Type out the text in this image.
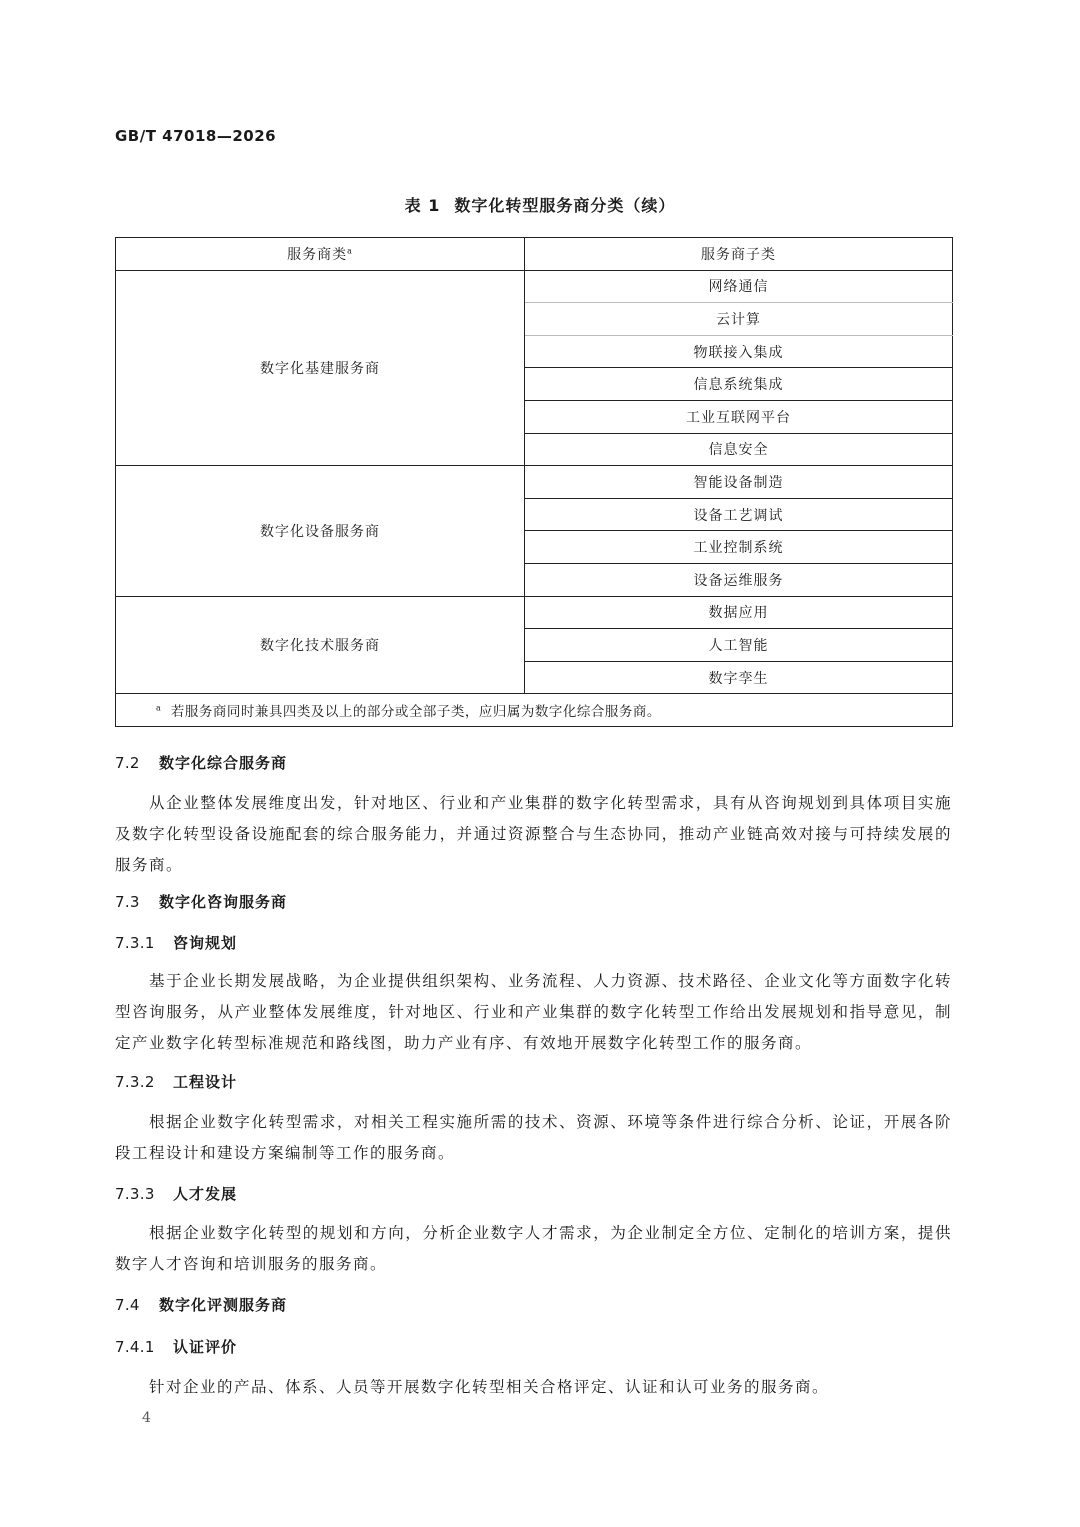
GB/T 47018—2026
表 1 数字化转型服务商分类（续）
服务商类$^a$	服务商子类
数字化基建服务商	网络通信
	云计算
	物联接入集成
	信息系统集成
	工业互联网平台
	信息安全
数字化设备服务商	智能设备制造
	设备工艺调试
	工业控制系统
	设备运维服务
数字化技术服务商	数据应用
	人工智能
	数字孪生
$^a$ 若服务商同时兼具四类及以上的部分或全部子类，应归属为数字化综合服务商。	
7.2 数字化综合服务商

从企业整体发展维度出发，针对地区、行业和产业集群的数字化转型需求，具有从咨询规划到具体项目实施及数字化转型设备设施配套的综合服务能力，并通过资源整合与生态协同，推动产业链高效对接与可持续发展的服务商。

7.3 数字化咨询服务商
7.3.1 咨询规划

基于企业长期发展战略，为企业提供组织架构、业务流程、人力资源、技术路径、企业文化等方面数字化转型咨询服务，从产业整体发展维度，针对地区、行业和产业集群的数字化转型工作给出发展规划和指导意见，制定产业数字化转型标准规范和路线图，助力产业有序、有效地开展数字化转型工作的服务商。

7.3.2 工程设计

根据企业数字化转型需求，对相关工程实施所需的技术、资源、环境等条件进行综合分析、论证，开展各阶段工程设计和建设方案编制等工作的服务商。

7.3.3 人才发展

根据企业数字化转型的规划和方向，分析企业数字人才需求，为企业制定全方位、定制化的培训方案，提供数字人才咨询和培训服务的服务商。

7.4 数字化评测服务商
7.4.1 认证评价

针对企业的产品、体系、人员等开展数字化转型相关合格评定、认证和认可业务的服务商。

4
